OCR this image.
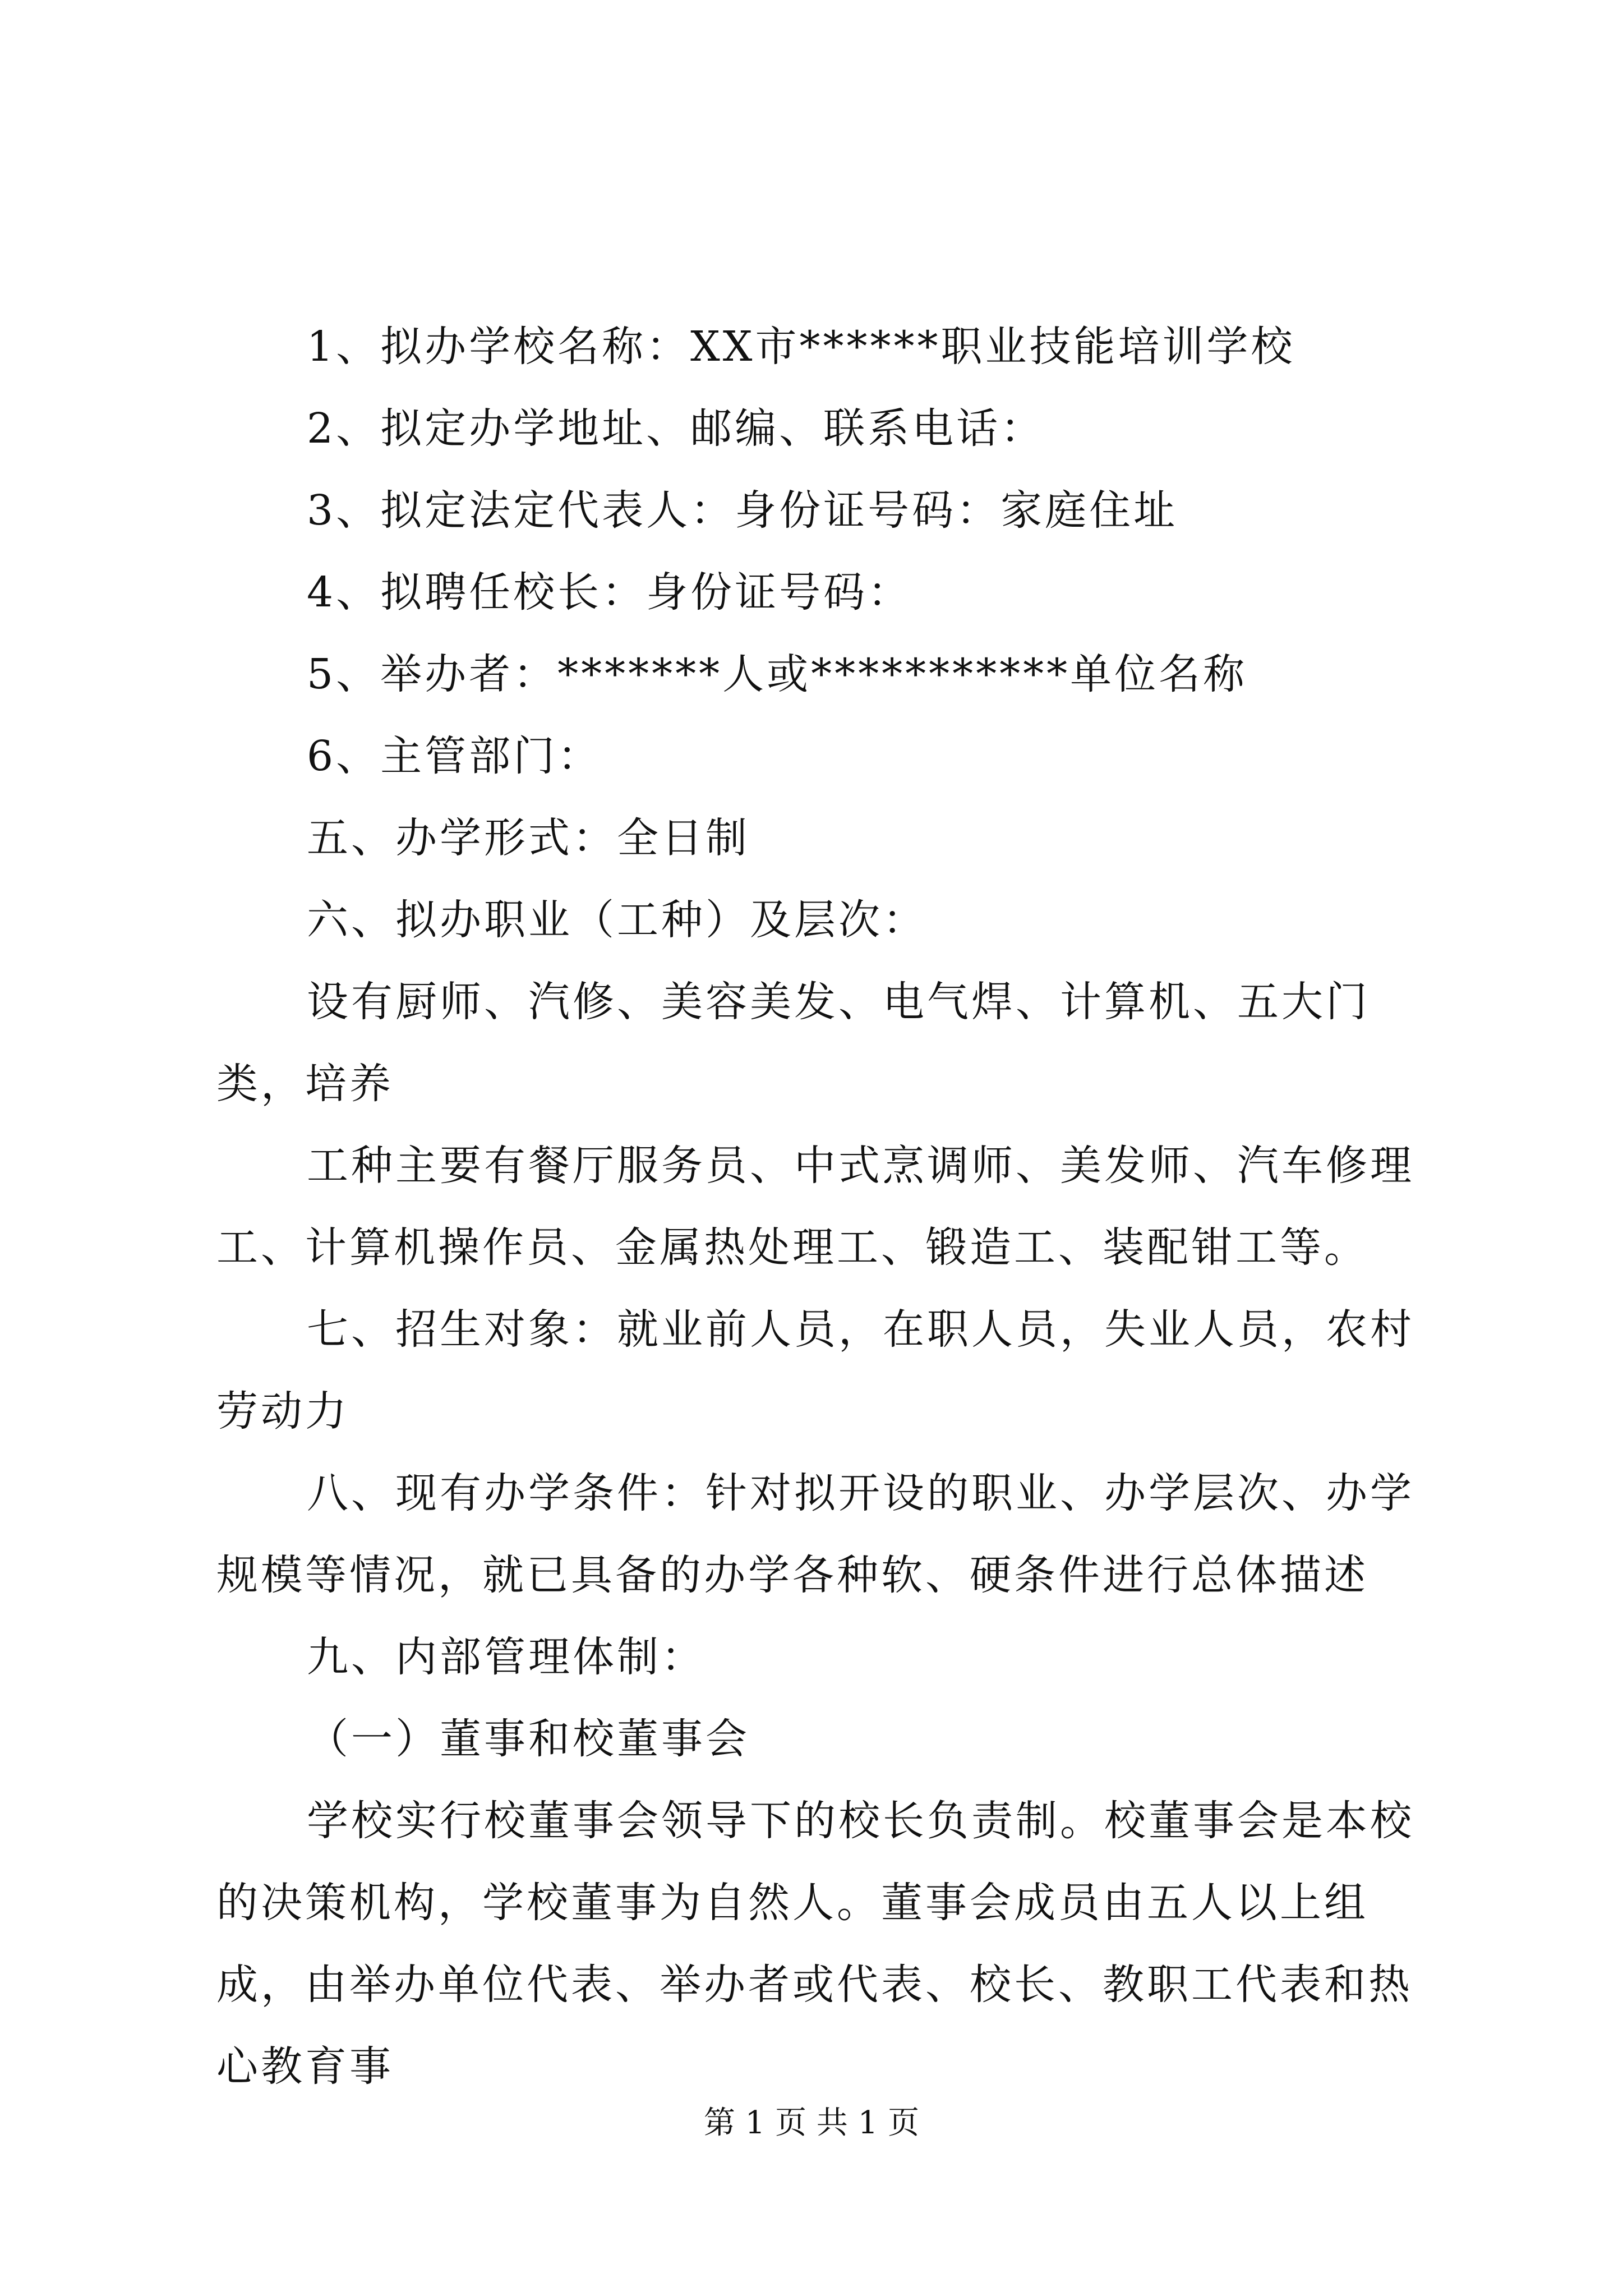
1、拟办学校名称：XX市******职业技能培训学校

2、拟定办学地址、邮编、联系电话：

3、拟定法定代表人：身份证号码：家庭住址

4、拟聘任校长：身份证号码：

5、举办者：*******人或***********单位名称

6、主管部门：

五、办学形式：全日制

六、拟办职业（工种）及层次：

设有厨师、汽修、美容美发、电气焊、计算机、五大门类，培养

工种主要有餐厅服务员、中式烹调师、美发师、汽车修理工、计算机操作员、金属热处理工、锻造工、装配钳工等。

七、招生对象：就业前人员，在职人员，失业人员，农村劳动力

八、现有办学条件：针对拟开设的职业、办学层次、办学规模等情况，就已具备的办学各种软、硬条件进行总体描述

九、内部管理体制：

（一）董事和校董事会

学校实行校董事会领导下的校长负责制。校董事会是本校的决策机构，学校董事为自然人。董事会成员由五人以上组成，由举办单位代表、举办者或代表、校长、教职工代表和热心教育事

第 1 页 共 1 页
